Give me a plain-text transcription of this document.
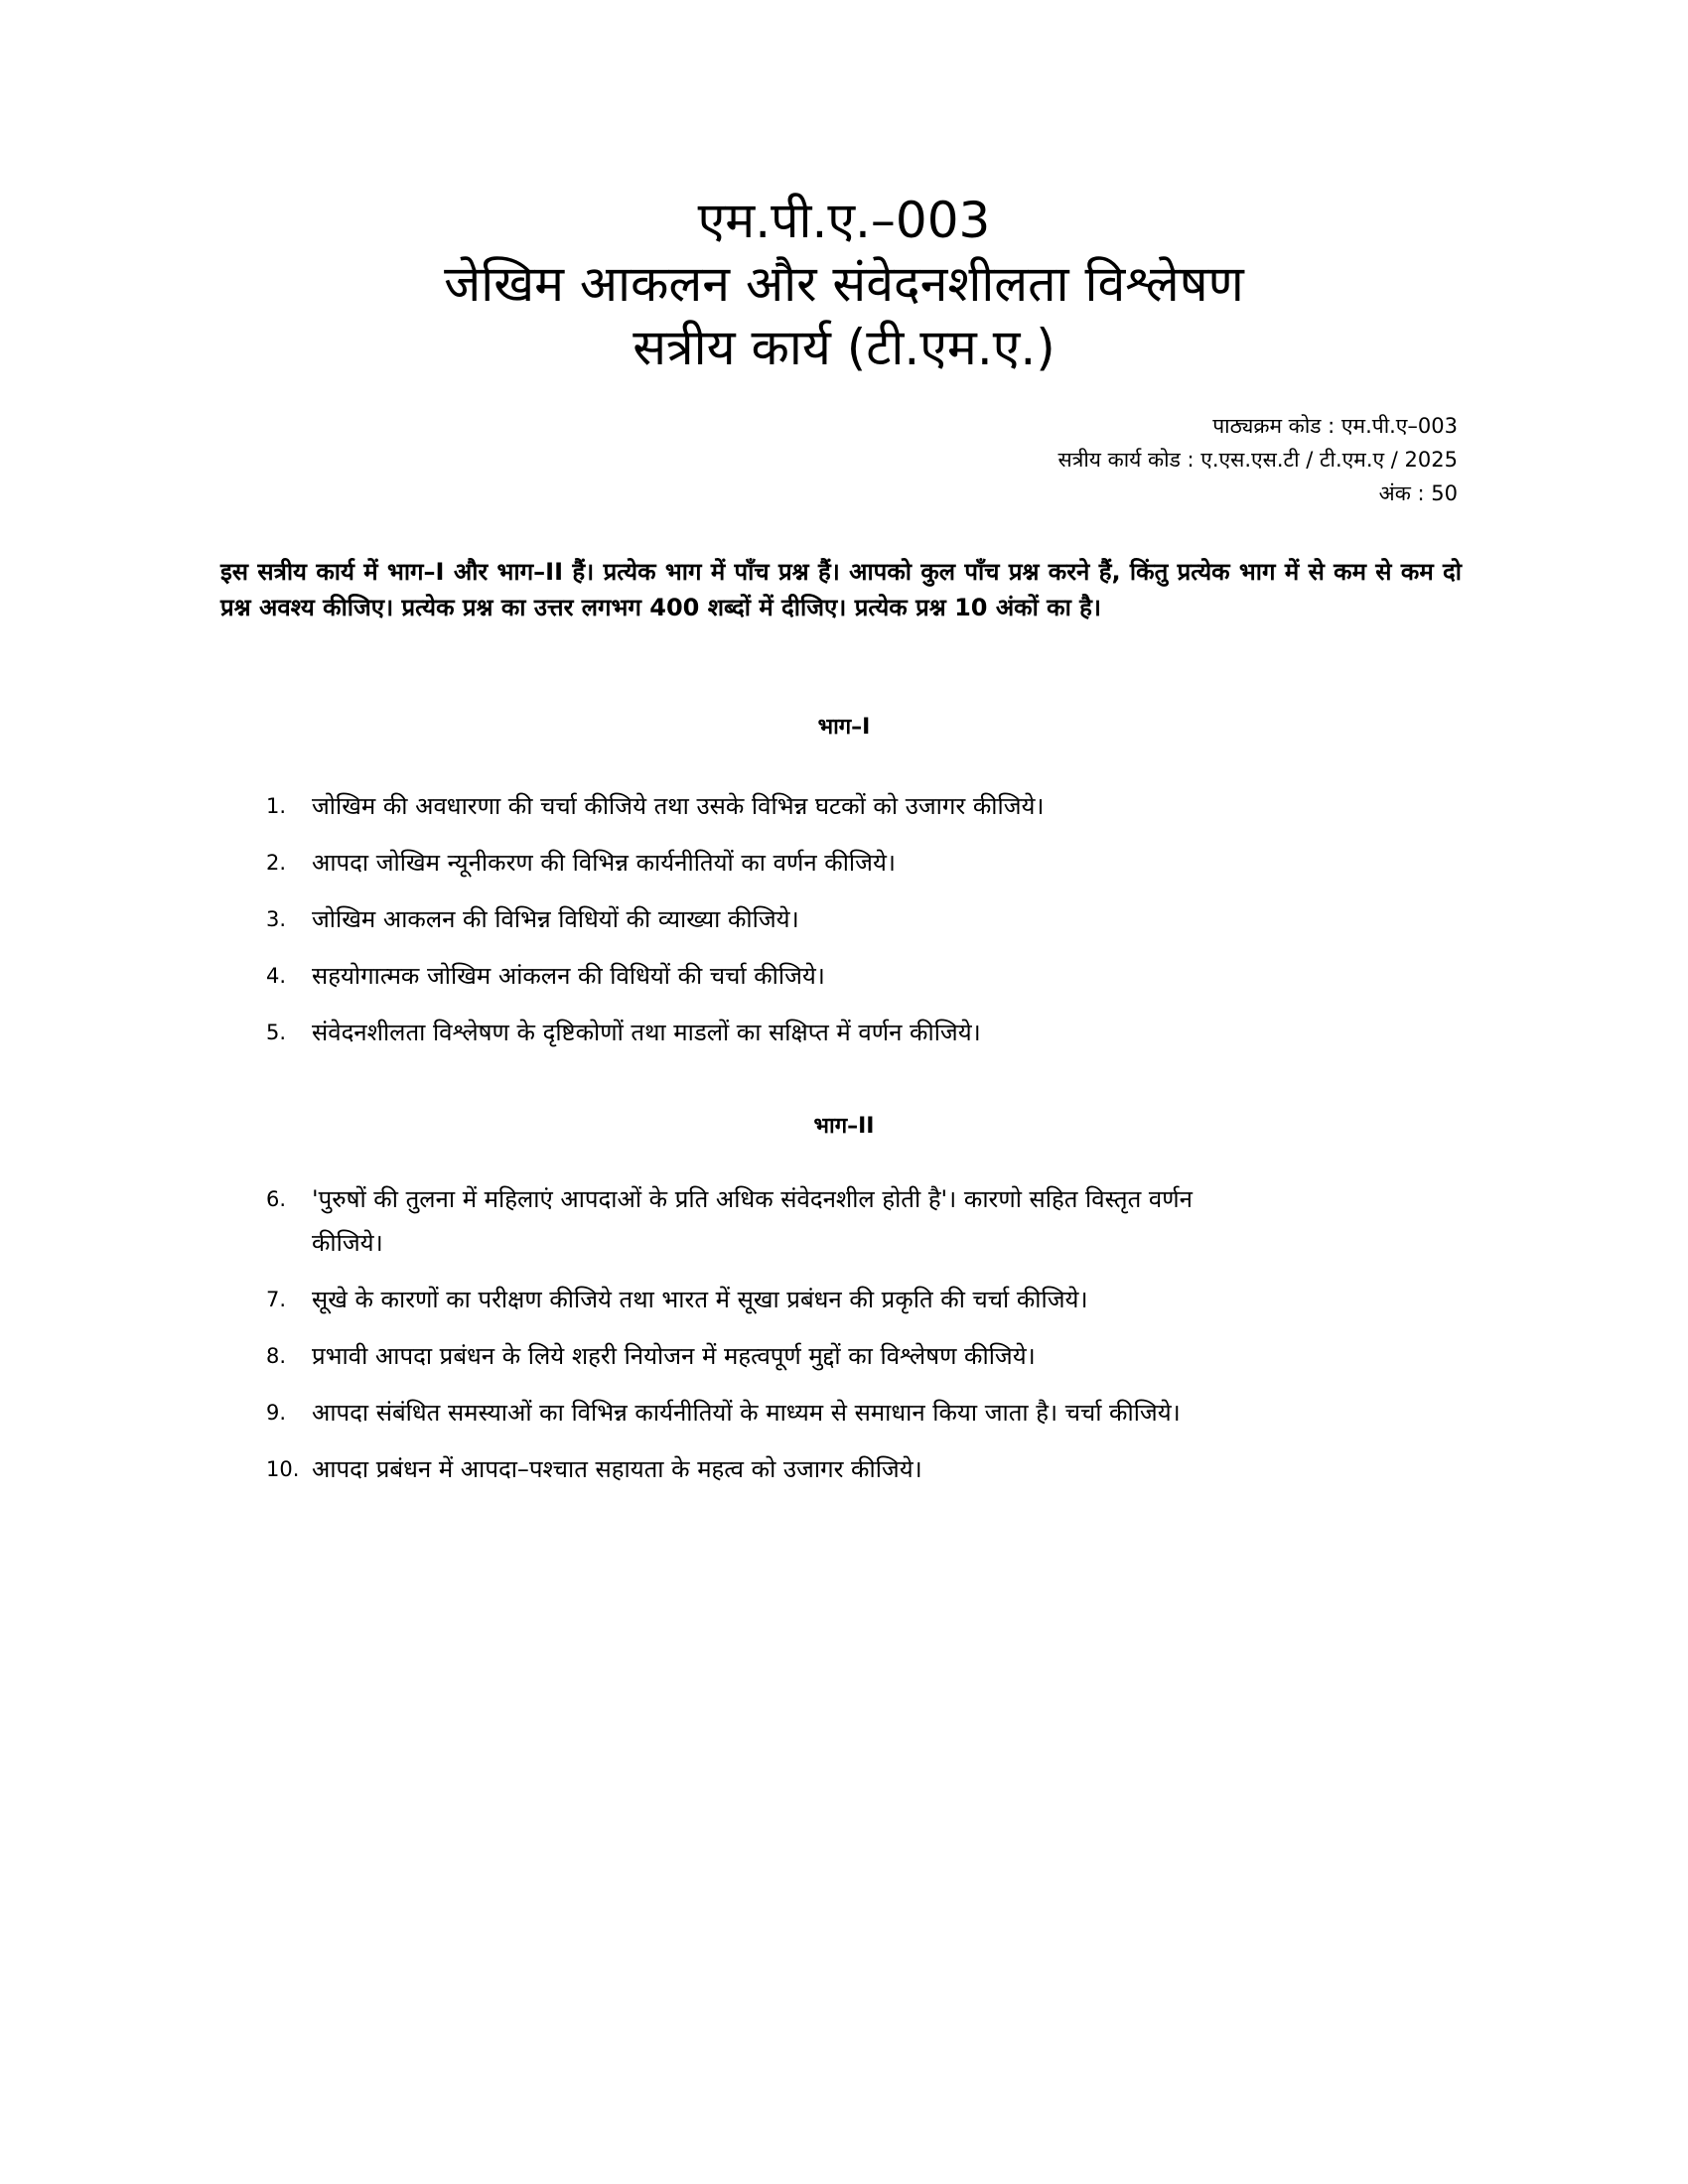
एम.पी.ए.–003
जेखिम आकलन और संवेदनशीलता विश्लेषण
सत्रीय कार्य (टी.एम.ए.)
पाठ्यक्रम कोड : एम.पी.ए–003
सत्रीय कार्य कोड : ए.एस.एस.टी / टी.एम.ए / 2025
अंक : 50
इस सत्रीय कार्य में भाग–I और भाग–II हैं। प्रत्येक भाग में पाँच प्रश्न हैं। आपको कुल पाँच प्रश्न करने हैं, किंतु प्रत्येक भाग में से कम से कम दो प्रश्न अवश्य कीजिए। प्रत्येक प्रश्न का उत्तर लगभग 400 शब्दों में दीजिए। प्रत्येक प्रश्न 10 अंकों का है।
भाग–I
1. जोखिम की अवधारणा की चर्चा कीजिये तथा उसके विभिन्न घटकों को उजागर कीजिये।
2. आपदा जोखिम न्यूनीकरण की विभिन्न कार्यनीतियों का वर्णन कीजिये।
3. जोखिम आकलन की विभिन्न विधियों की व्याख्या कीजिये।
4. सहयोगात्मक जोखिम आंकलन की विधियों की चर्चा कीजिये।
5. संवेदनशीलता विश्लेषण के दृष्टिकोणों तथा माडलों का सक्षिप्त में वर्णन कीजिये।
भाग–II
6. 'पुरुषों की तुलना में महिलाएं आपदाओं के प्रति अधिक संवेदनशील होती है'। कारणो सहित विस्तृत वर्णन कीजिये।
7. सूखे के कारणों का परीक्षण कीजिये तथा भारत में सूखा प्रबंधन की प्रकृति की चर्चा कीजिये।
8. प्रभावी आपदा प्रबंधन के लिये शहरी नियोजन में महत्वपूर्ण मुद्दों का विश्लेषण कीजिये।
9. आपदा संबंधित समस्याओं का विभिन्न कार्यनीतियों के माध्यम से समाधान किया जाता है। चर्चा कीजिये।
10. आपदा प्रबंधन में आपदा–पश्चात सहायता के महत्व को उजागर कीजिये।
